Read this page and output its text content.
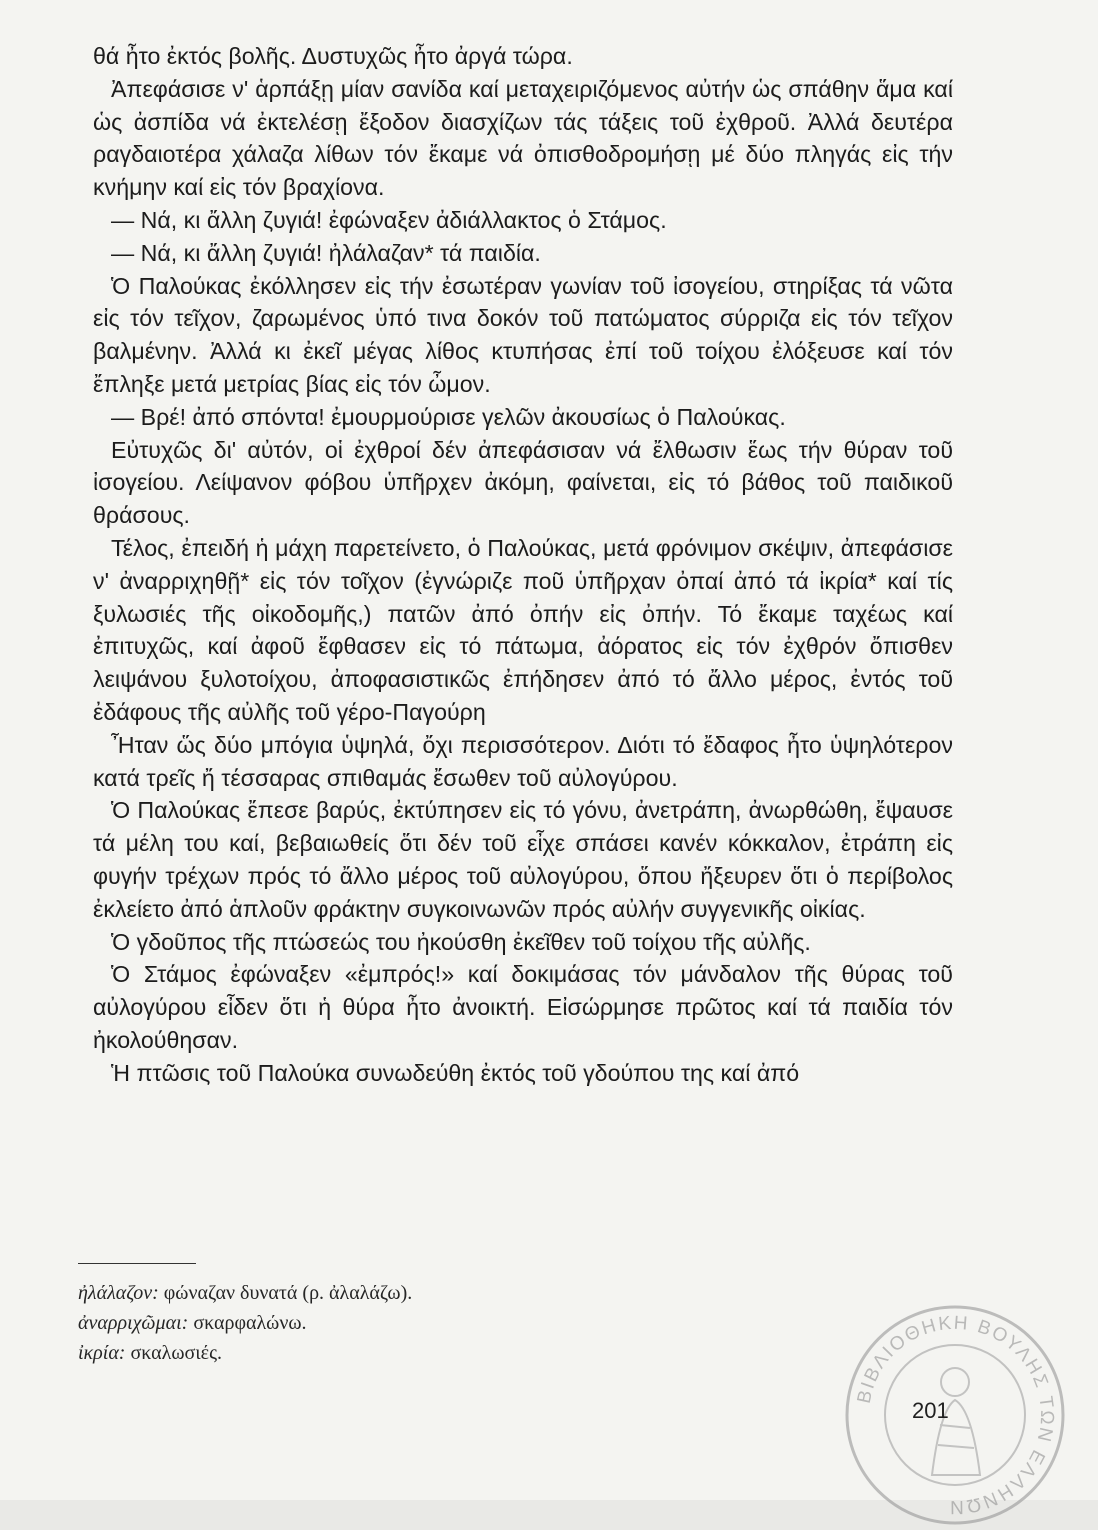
θά ἦτο ἐκτός βολῆς. Δυστυχῶς ἦτο ἀργά τώρα.

Ἀπεφάσισε ν' ἁρπάξῃ μίαν σανίδα καί μεταχειριζόμενος αὐτήν ὡς σπάθην ἅμα καί ὡς ἀσπίδα νά ἐκτελέσῃ ἔξοδον διασχίζων τάς τάξεις τοῦ ἐχθροῦ. Ἀλλά δευτέρα ραγδαιοτέρα χάλαζα λίθων τόν ἔκαμε νά ὀπισθοδρομήσῃ μέ δύο πληγάς εἰς τήν κνήμην καί εἰς τόν βραχίονα.

— Νά, κι ἄλλη ζυγιά! ἐφώναξεν ἀδιάλλακτος ὁ Στάμος.

— Νά, κι ἄλλη ζυγιά! ἠλάλαζαν* τά παιδία.

Ὁ Παλούκας ἐκόλλησεν εἰς τήν ἐσωτέραν γωνίαν τοῦ ἰσογείου, στηρίξας τά νῶτα εἰς τόν τεῖχον, ζαρωμένος ὑπό τινα δοκόν τοῦ πατώματος σύρριζα εἰς τόν τεῖχον βαλμένην. Ἀλλά κι ἐκεῖ μέγας λίθος κτυπήσας ἐπί τοῦ τοίχου ἐλόξευσε καί τόν ἔπληξε μετά μετρίας βίας εἰς τόν ὦμον.

— Βρέ! ἀπό σπόντα! ἐμουρμούρισε γελῶν ἀκουσίως ὁ Παλούκας.

Εὐτυχῶς δι' αὐτόν, οἱ ἐχθροί δέν ἀπεφάσισαν νά ἔλθωσιν ἕως τήν θύραν τοῦ ἰσογείου. Λείψανον φόβου ὑπῆρχεν ἀκόμη, φαίνεται, εἰς τό βάθος τοῦ παιδικοῦ θράσους.

Τέλος, ἐπειδή ἡ μάχη παρετείνετο, ὁ Παλούκας, μετά φρόνιμον σκέψιν, ἀπεφάσισε ν' ἀναρριχηθῇ* εἰς τόν τοῖχον (ἐγνώριζε ποῦ ὑπῆρχαν ὀπαί ἀπό τά ἰκρία* καί τίς ξυλωσιές τῆς οἰκοδομῆς,) πατῶν ἀπό ὀπήν εἰς ὀπήν. Τό ἔκαμε ταχέως καί ἐπιτυχῶς, καί ἀφοῦ ἔφθασεν εἰς τό πάτωμα, ἀόρατος εἰς τόν ἐχθρόν ὄπισθεν λειψάνου ξυλοτοίχου, ἀποφασιστικῶς ἐπήδησεν ἀπό τό ἄλλο μέρος, ἐντός τοῦ ἐδάφους τῆς αὐλῆς τοῦ γέρο-Παγούρη

Ἦταν ὥς δύο μπόγια ὑψηλά, ὄχι περισσότερον. Διότι τό ἔδαφος ἦτο ὑψηλότερον κατά τρεῖς ἤ τέσσαρας σπιθαμάς ἔσωθεν τοῦ αὐλογύρου.

Ὁ Παλούκας ἔπεσε βαρύς, ἐκτύπησεν εἰς τό γόνυ, ἀνετράπη, ἀνωρθώθη, ἔψαυσε τά μέλη του καί, βεβαιωθείς ὅτι δέν τοῦ εἶχε σπάσει κανέν κόκκαλον, ἐτράπη εἰς φυγήν τρέχων πρός τό ἄλλο μέρος τοῦ αὐλογύρου, ὅπου ἤξευρεν ὅτι ὁ περίβολος ἐκλείετο ἀπό ἁπλοῦν φράκτην συγκοινωνῶν πρός αὐλήν συγγενικῆς οἰκίας.

Ὁ γδοῦπος τῆς πτώσεώς του ἠκούσθη ἐκεῖθεν τοῦ τοίχου τῆς αὐλῆς.

Ὁ Στάμος ἐφώναξεν «ἐμπρός!» καί δοκιμάσας τόν μάνδαλον τῆς θύρας τοῦ αὐλογύρου εἶδεν ὅτι ἡ θύρα ἦτο ἀνοικτή. Εἰσώρμησε πρῶτος καί τά παιδία τόν ἠκολούθησαν.

Ἡ πτῶσις τοῦ Παλούκα συνωδεύθη ἐκτός τοῦ γδούπου της καί ἀπό

ἠλάλαζον: φώναζαν δυνατά (ρ. ἀλαλάζω).
ἀναρριχῶμαι: σκαρφαλώνω.
ἰκρία: σκαλωσιές.
ΒΙΒΛΙΟΘΗΚΗ ΒΟΥΛΗΣ ΤΩΝ ΕΛΛΗΝΩΝ
201
